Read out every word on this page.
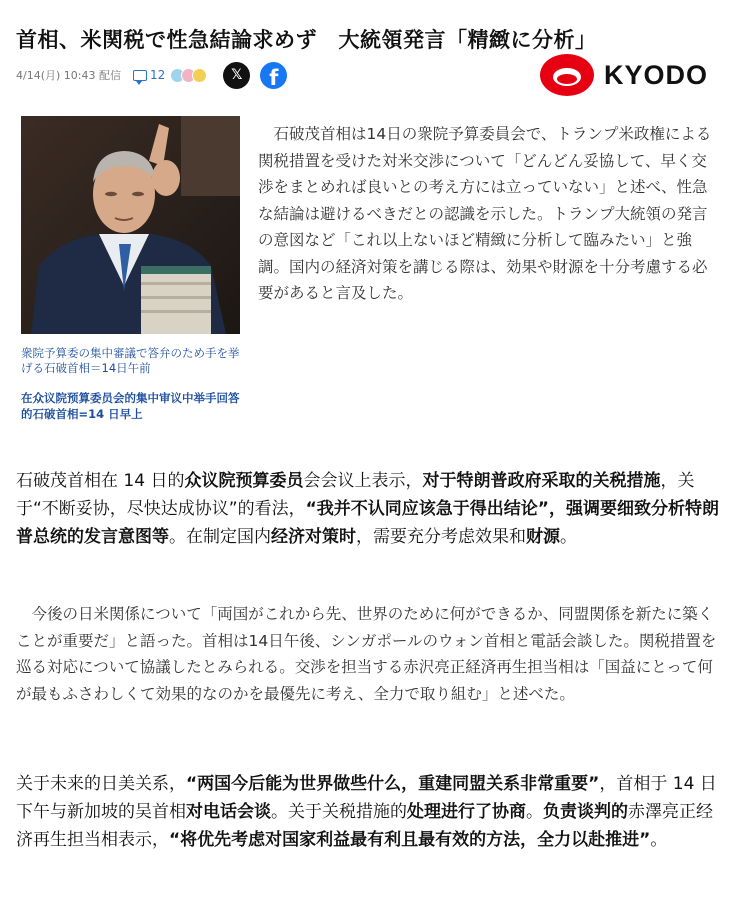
首相、米関税で性急結論求めず　大統領発言「精緻に分析」
4/14(月) 10:43 配信 12	𝕏 f	KYODO
衆院予算委の集中審議で答弁のため手を挙げる石破首相＝14日午前
在众议院预算委员会的集中审议中举手回答的石破首相=14 日早上

石破茂首相は14日の衆院予算委員会で、トランプ米政権による関税措置を受けた対米交渉について「どんどん妥協して、早く交渉をまとめれば良いとの考え方には立っていない」と述べ、性急な結論は避けるべきだとの認識を示した。トランプ大統領の発言の意図など「これ以上ないほど精緻に分析して臨みたい」と強調。国内の経済対策を講じる際は、効果や財源を十分考慮する必要があると言及した。

石破茂首相在 14 日的众议院预算委员会会议上表示，对于特朗普政府采取的关税措施，关于“不断妥协，尽快达成协议”的看法，“我并不认同应该急于得出结论”，强调要细致分析特朗普总统的发言意图等。在制定国内经济对策时，需要充分考虑效果和财源。

今後の日米関係について「両国がこれから先、世界のために何ができるか、同盟関係を新たに築くことが重要だ」と語った。首相は14日午後、シンガポールのウォン首相と電話会談した。関税措置を巡る対応について協議したとみられる。交渉を担当する赤沢亮正経済再生担当相は「国益にとって何が最もふさわしくて効果的なのかを最優先に考え、全力で取り組む」と述べた。

关于未来的日美关系，“两国今后能为世界做些什么，重建同盟关系非常重要”，首相于 14 日下午与新加坡的吴首相对电话会谈。关于关税措施的处理进行了协商。负责谈判的赤澤亮正经济再生担当相表示，“将优先考虑对国家利益最有利且最有效的方法，全力以赴推进”。
